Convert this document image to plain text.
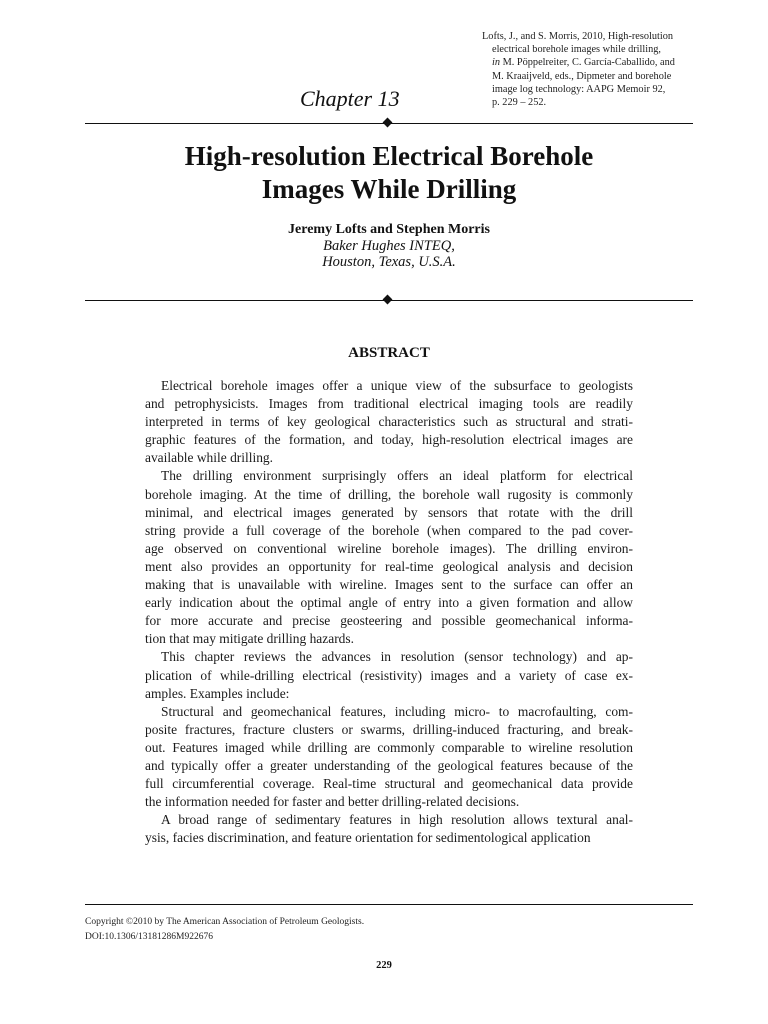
Lofts, J., and S. Morris, 2010, High-resolution
electrical borehole images while drilling,
in M. Pöppelreiter, C. García-Caballido, and
M. Kraaijveld, eds., Dipmeter and borehole
image log technology: AAPG Memoir 92,
p. 229 – 252.
Chapter 13
High-resolution Electrical Borehole
Images While Drilling
Jeremy Lofts and Stephen Morris
Baker Hughes INTEQ,
Houston, Texas, U.S.A.
ABSTRACT
Electrical borehole images offer a unique view of the subsurface to geologists
and petrophysicists. Images from traditional electrical imaging tools are readily
interpreted in terms of key geological characteristics such as structural and strati-
graphic features of the formation, and today, high-resolution electrical images are
available while drilling.
The drilling environment surprisingly offers an ideal platform for electrical
borehole imaging. At the time of drilling, the borehole wall rugosity is commonly
minimal, and electrical images generated by sensors that rotate with the drill
string provide a full coverage of the borehole (when compared to the pad cover-
age observed on conventional wireline borehole images). The drilling environ-
ment also provides an opportunity for real-time geological analysis and decision
making that is unavailable with wireline. Images sent to the surface can offer an
early indication about the optimal angle of entry into a given formation and allow
for more accurate and precise geosteering and possible geomechanical informa-
tion that may mitigate drilling hazards.
This chapter reviews the advances in resolution (sensor technology) and ap-
plication of while-drilling electrical (resistivity) images and a variety of case ex-
amples. Examples include:
Structural and geomechanical features, including micro- to macrofaulting, com-
posite fractures, fracture clusters or swarms, drilling-induced fracturing, and break-
out. Features imaged while drilling are commonly comparable to wireline resolution
and typically offer a greater understanding of the geological features because of the
full circumferential coverage. Real-time structural and geomechanical data provide
the information needed for faster and better drilling-related decisions.
A broad range of sedimentary features in high resolution allows textural anal-
ysis, facies discrimination, and feature orientation for sedimentological application
Copyright ©2010 by The American Association of Petroleum Geologists.
DOI:10.1306/13181286M922676
229
